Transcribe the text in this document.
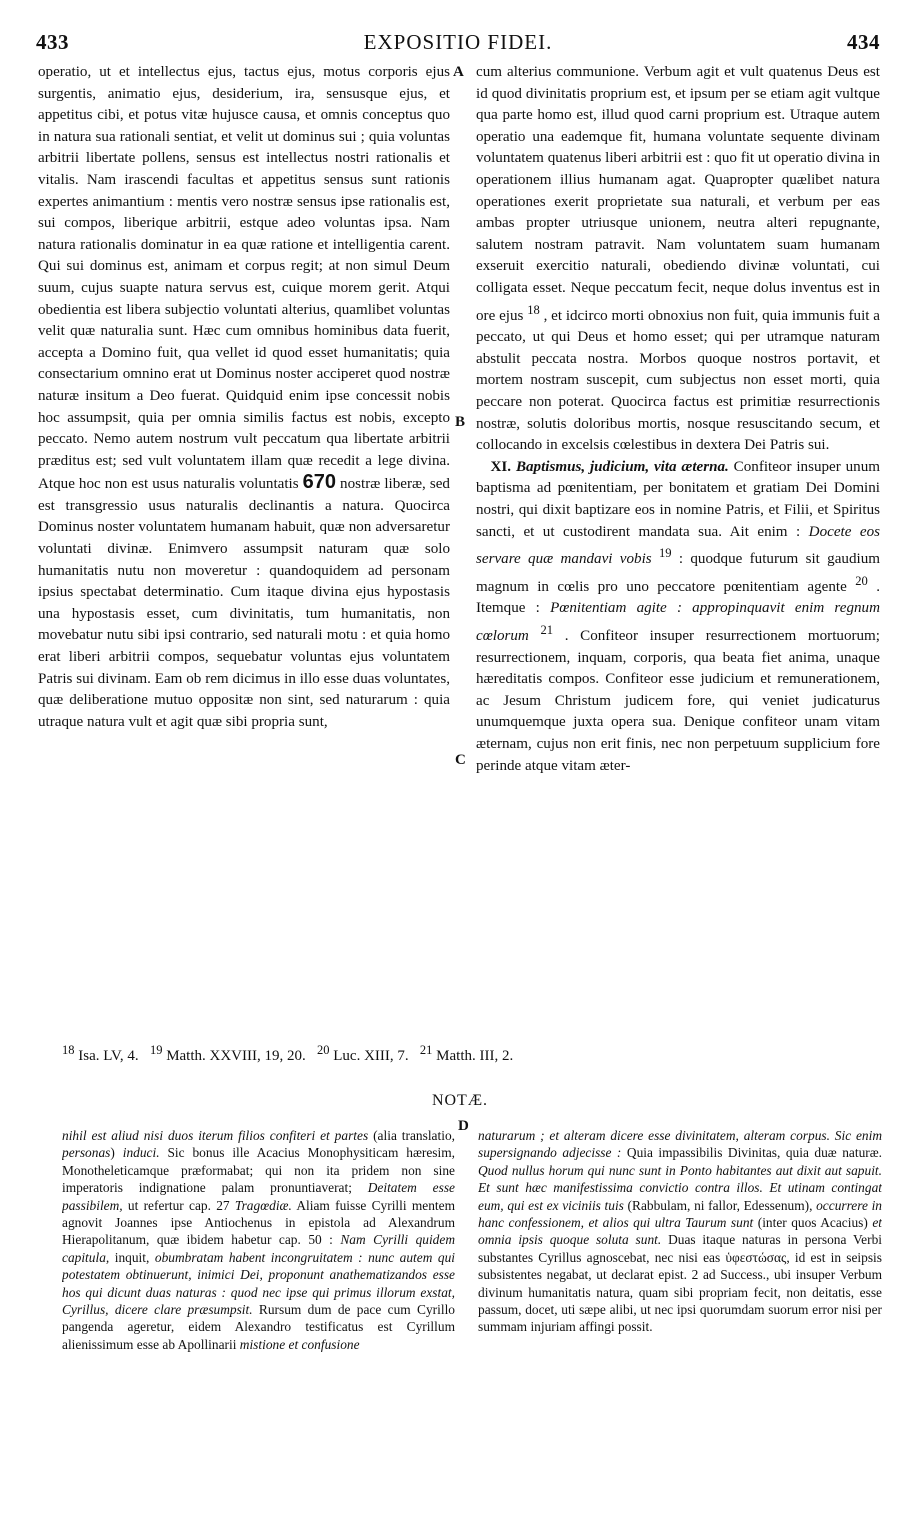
433	EXPOSITIO FIDEI.	434
A
B
C
D
operatio, ut et intellectus ejus, tactus ejus, motus corporis ejus surgentis, animatio ejus, desiderium, ira, sensusque ejus, et appetitus cibi, et potus vitæ hujusce causa, et omnis conceptus quo in natura sua rationali sentiat, et velit ut dominus sui ; quia voluntas arbitrii libertate pollens, sensus est intellectus nostri rationalis et vitalis. Nam irascendi facultas et appetitus sensus sunt rationis expertes animantium : mentis vero nostræ sensus ipse rationalis est, sui compos, liberique arbitrii, estque adeo voluntas ipsa. Nam natura rationalis dominatur in ea quæ ratione et intelligentia carent. Qui sui dominus est, animam et corpus regit; at non simul Deum suum, cujus suapte natura servus est, cuique morem gerit. Atqui obedientia est libera subjectio voluntati alterius, quamlibet voluntas velit quæ naturalia sunt. Hæc cum omnibus hominibus data fuerit, accepta a Domino fuit, qua vellet id quod esset humanitatis; quia consectarium omnino erat ut Dominus noster acciperet quod nostræ naturæ insitum a Deo fuerat. Quidquid enim ipse concessit nobis hoc assumpsit, quia per omnia similis factus est nobis, excepto peccato. Nemo autem nostrum vult peccatum qua libertate arbitrii præditus est; sed vult voluntatem illam quæ recedit a lege divina. Atque hoc non est usus naturalis voluntatis 670 nostræ liberæ, sed est transgressio usus naturalis declinantis a natura. Quocirca Dominus noster voluntatem humanam habuit, quæ non adversaretur voluntati divinæ. Enimvero assumpsit naturam quæ solo humanitatis nutu non moveretur : quandoquidem ad personam ipsius spectabat determinatio. Cum itaque divina ejus hypostasis una hypostasis esset, cum divinitatis, tum humanitatis, non movebatur nutu sibi ipsi contrario, sed naturali motu : et quia homo erat liberi arbitrii compos, sequebatur voluntas ejus voluntatem Patris sui divinam. Eam ob rem dicimus in illo esse duas voluntates, quæ deliberatione mutuo oppositæ non sint, sed naturarum : quia utraque natura vult et agit quæ sibi propria sunt,
cum alterius communione. Verbum agit et vult quatenus Deus est id quod divinitatis proprium est, et ipsum per se etiam agit vultque qua parte homo est, illud quod carni proprium est. Utraque autem operatio una eademque fit, humana voluntate sequente divinam voluntatem quatenus liberi arbitrii est : quo fit ut operatio divina in operationem illius humanam agat. Quapropter quælibet natura operationes exerit proprietate sua naturali, et verbum per eas ambas propter utriusque unionem, neutra alteri repugnante, salutem nostram patravit. Nam voluntatem suam humanam exseruit exercitio naturali, obediendo divinæ voluntati, cui colligata esset. Neque peccatum fecit, neque dolus inventus est in ore ejus $^{18}$ , et idcirco morti obnoxius non fuit, quia immunis fuit a peccato, ut qui Deus et homo esset; qui per utramque naturam abstulit peccata nostra. Morbos quoque nostros portavit, et mortem nostram suscepit, cum subjectus non esset morti, quia peccare non poterat. Quocirca factus est primitiæ resurrectionis nostræ, solutis doloribus mortis, nosque resuscitando secum, et collocando in excelsis cœlestibus in dextera Dei Patris sui.
XI. Baptismus, judicium, vita æterna. Confiteor insuper unum baptisma ad pœnitentiam, per bonitatem et gratiam Dei Domini nostri, qui dixit baptizare eos in nomine Patris, et Filii, et Spiritus sancti, et ut custodirent mandata sua. Ait enim : Docete eos servare quæ mandavi vobis $^{19}$ : quodque futurum sit gaudium magnum in cœlis pro uno peccatore pœnitentiam agente $^{20}$ . Itemque : Pœnitentiam agite : appropinquavit enim regnum cœlorum $^{21}$ . Confiteor insuper resurrectionem mortuorum; resurrectionem, inquam, corporis, qua beata fiet anima, unaque hæreditatis compos. Confiteor esse judicium et remunerationem, ac Jesum Christum judicem fore, qui veniet judicaturus unumquemque juxta opera sua. Denique confiteor unam vitam æternam, cujus non erit finis, nec non perpetuum supplicium fore perinde atque vitam æter-
$^{18}$ Isa. LV, 4. $^{19}$ Matth. XXVIII, 19, 20. $^{20}$ Luc. XIII, 7. $^{21}$ Matth. III, 2.
NOTÆ.
nihil est aliud nisi duos iterum filios confiteri et partes (alia translatio, personas) induci. Sic bonus ille Acacius Monophysiticam hæresim, Monotheleticamque præformabat; qui non ita pridem non sine imperatoris indignatione palam pronuntiaverat; Deitatem esse passibilem, ut refertur cap. 27 Tragœdiæ. Aliam fuisse Cyrilli mentem agnovit Joannes ipse Antiochenus in epistola ad Alexandrum Hierapolitanum, quæ ibidem habetur cap. 50 : Nam Cyrilli quidem capitula, inquit, obumbratam habent incongruitatem : nunc autem qui potestatem obtinuerunt, inimici Dei, proponunt anathematizandos esse hos qui dicunt duas naturas : quod nec ipse qui primus illorum exstat, Cyrillus, dicere clare præsumpsit. Rursum dum de pace cum Cyrillo pangenda ageretur, eidem Alexandro testificatus est Cyrillum alienissimum esse ab Apollinarii mistione et confusione
naturarum ; et alteram dicere esse divinitatem, alteram corpus. Sic enim supersignando adjecisse : Quia impassibilis Divinitas, quia duæ naturæ. Quod nullus horum qui nunc sunt in Ponto habitantes aut dixit aut sapuit. Et sunt hæc manifestissima convictio contra illos. Et utinam contingat eum, qui est ex viciniis tuis (Rabbulam, ni fallor, Edessenum), occurrere in hanc confessionem, et alios qui ultra Taurum sunt (inter quos Acacius) et omnia ipsis quoque soluta sunt. Duas itaque naturas in persona Verbi substantes Cyrillus agnoscebat, nec nisi eas ὑφεστώσας, id est in seipsis subsistentes negabat, ut declarat epist. 2 ad Success., ubi insuper Verbum divinum humanitatis natura, quam sibi propriam fecit, non deitatis, esse passum, docet, uti sæpe alibi, ut nec ipsi quorumdam suorum error nisi per summam injuriam affingi possit.
